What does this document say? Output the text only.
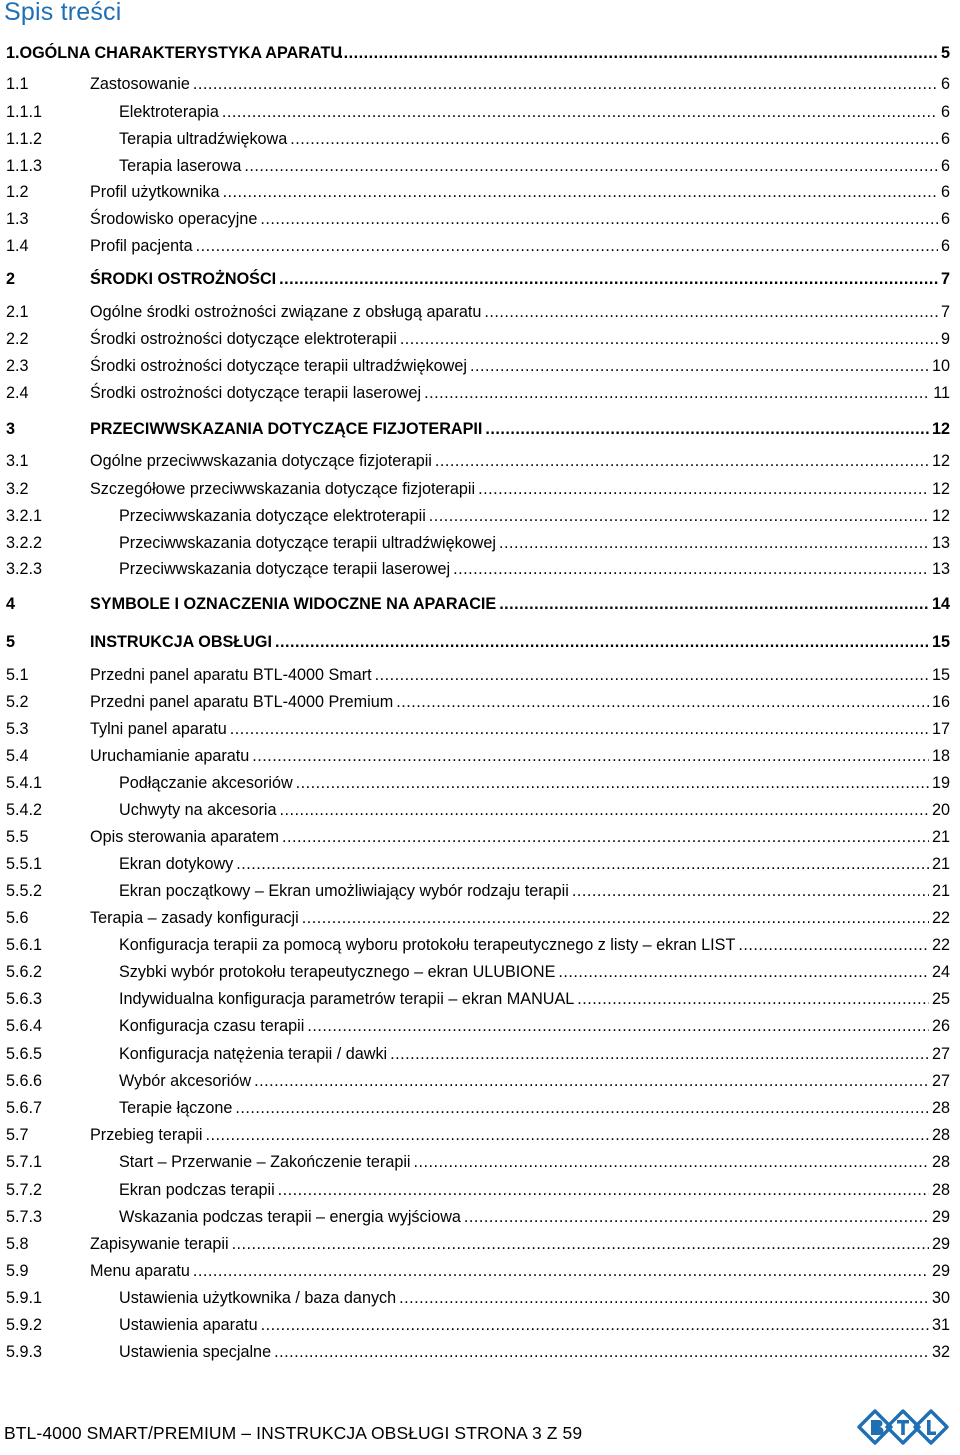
Spis treści
1.OGÓLNA CHARAKTERYSTYKA APARATU .....	5
1.1	Zastosowanie .....	6
1.1.1	Elektroterapia .....	6
1.1.2	Terapia ultradźwiękowa .....	6
1.1.3	Terapia laserowa .....	6
1.2	Profil użytkownika .....	6
1.3	Środowisko operacyjne .....	6
1.4	Profil pacjenta .....	6
2	ŚRODKI OSTROŻNOŚCI .....	7
2.1	Ogólne środki ostrożności związane z obsługą aparatu .....	7
2.2	Środki ostrożności dotyczące elektroterapii .....	9
2.3	Środki ostrożności dotyczące terapii ultradźwiękowej .....	10
2.4	Środki ostrożności dotyczące terapii laserowej .....	11
3	PRZECIWWSKAZANIA DOTYCZĄCE FIZJOTERAPII .....	12
3.1	Ogólne przeciwwskazania dotyczące fizjoterapii .....	12
3.2	Szczegółowe przeciwwskazania dotyczące fizjoterapii .....	12
3.2.1	Przeciwwskazania dotyczące elektroterapii .....	12
3.2.2	Przeciwwskazania dotyczące terapii ultradźwiękowej .....	13
3.2.3	Przeciwwskazania dotyczące terapii laserowej .....	13
4	SYMBOLE I OZNACZENIA WIDOCZNE NA APARACIE .....	14
5	INSTRUKCJA OBSŁUGI .....	15
5.1	Przedni panel aparatu BTL-4000 Smart .....	15
5.2	Przedni panel aparatu BTL-4000 Premium .....	16
5.3	Tylni panel aparatu .....	17
5.4	Uruchamianie aparatu .....	18
5.4.1	Podłączanie akcesoriów .....	19
5.4.2	Uchwyty na akcesoria .....	20
5.5	Opis sterowania aparatem .....	21
5.5.1	Ekran dotykowy .....	21
5.5.2	Ekran początkowy – Ekran umożliwiający wybór rodzaju terapii .....	21
5.6	Terapia – zasady konfiguracji .....	22
5.6.1	Konfiguracja terapii za pomocą wyboru protokołu terapeutycznego z listy – ekran LIST .....	22
5.6.2	Szybki wybór protokołu terapeutycznego – ekran ULUBIONE .....	24
5.6.3	Indywidualna konfiguracja parametrów terapii – ekran MANUAL .....	25
5.6.4	Konfiguracja czasu terapii .....	26
5.6.5	Konfiguracja natężenia terapii / dawki .....	27
5.6.6	Wybór akcesoriów .....	27
5.6.7	Terapie łączone .....	28
5.7	Przebieg terapii .....	28
5.7.1	Start – Przerwanie – Zakończenie terapii .....	28
5.7.2	Ekran podczas terapii .....	28
5.7.3	Wskazania podczas terapii – energia wyjściowa .....	29
5.8	Zapisywanie terapii .....	29
5.9	Menu aparatu .....	29
5.9.1	Ustawienia użytkownika / baza danych .....	30
5.9.2	Ustawienia aparatu .....	31
5.9.3	Ustawienia specjalne .....	32
BTL-4000 SMART/PREMIUM – INSTRUKCJA OBSŁUGI STRONA 3 Z 59
